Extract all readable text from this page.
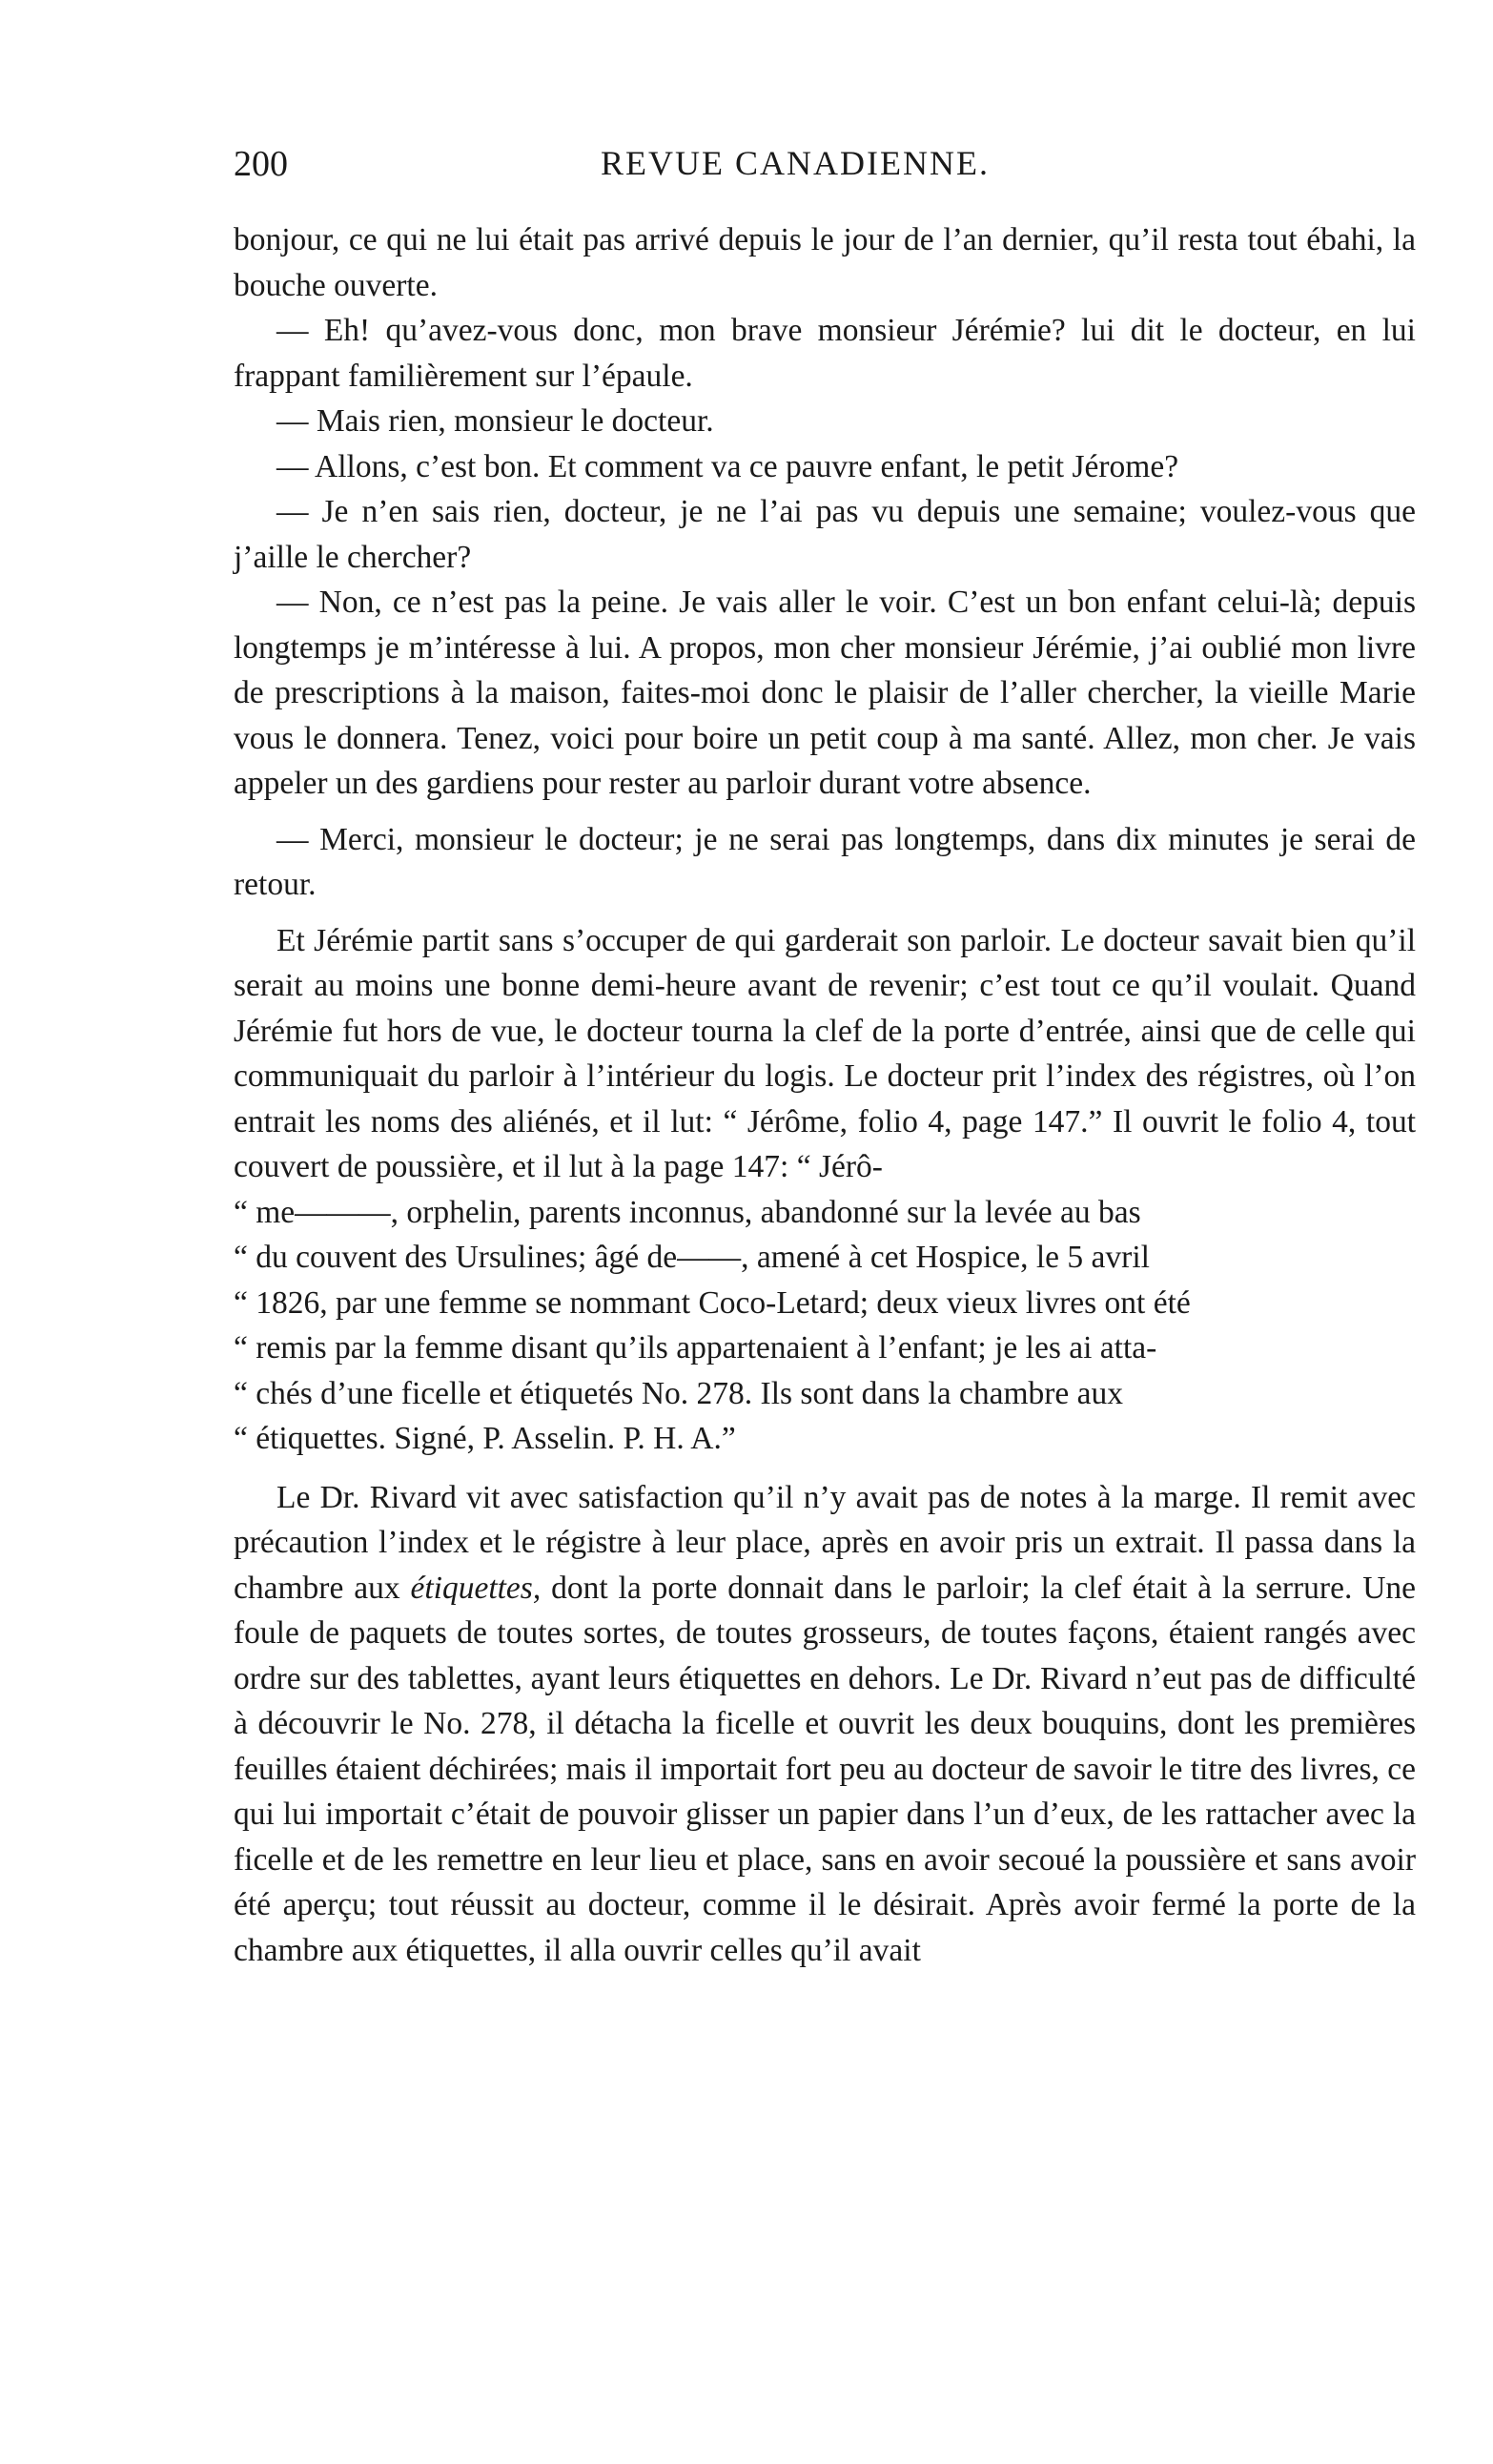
200	REVUE CANADIENNE.

bonjour, ce qui ne lui était pas arrivé depuis le jour de l’an dernier, qu’il resta tout ébahi, la bouche ouverte.

— Eh! qu’avez-vous donc, mon brave monsieur Jérémie? lui dit le docteur, en lui frappant familièrement sur l’épaule.

— Mais rien, monsieur le docteur.

— Allons, c’est bon. Et comment va ce pauvre enfant, le petit Jérome?

— Je n’en sais rien, docteur, je ne l’ai pas vu depuis une semaine; voulez-vous que j’aille le chercher?

— Non, ce n’est pas la peine. Je vais aller le voir. C’est un bon enfant celui-là; depuis longtemps je m’intéresse à lui. A propos, mon cher monsieur Jérémie, j’ai oublié mon livre de prescriptions à la maison, faites-moi donc le plaisir de l’aller chercher, la vieille Marie vous le donnera. Tenez, voici pour boire un petit coup à ma santé. Allez, mon cher. Je vais appeler un des gardiens pour rester au parloir durant votre absence.

— Merci, monsieur le docteur; je ne serai pas longtemps, dans dix minutes je serai de retour.

Et Jérémie partit sans s’occuper de qui garderait son parloir. Le docteur savait bien qu’il serait au moins une bonne demi-heure avant de revenir; c’est tout ce qu’il voulait. Quand Jérémie fut hors de vue, le docteur tourna la clef de la porte d’entrée, ainsi que de celle qui communiquait du parloir à l’intérieur du logis. Le docteur prit l’index des régistres, où l’on entrait les noms des aliénés, et il lut: “ Jérôme, folio 4, page 147.” Il ouvrit le folio 4, tout couvert de poussière, et il lut à la page 147: “ Jérô-

“ me———, orphelin, parents inconnus, abandonné sur la levée au bas

“ du couvent des Ursulines; âgé de——, amené à cet Hospice, le 5 avril

“ 1826, par une femme se nommant Coco-Letard; deux vieux livres ont été

“ remis par la femme disant qu’ils appartenaient à l’enfant; je les ai atta-

“ chés d’une ficelle et étiquetés No. 278. Ils sont dans la chambre aux

“ étiquettes. Signé, P. Asselin. P. H. A.”

Le Dr. Rivard vit avec satisfaction qu’il n’y avait pas de notes à la marge. Il remit avec précaution l’index et le régistre à leur place, après en avoir pris un extrait. Il passa dans la chambre aux étiquettes, dont la porte donnait dans le parloir; la clef était à la serrure. Une foule de paquets de toutes sortes, de toutes grosseurs, de toutes façons, étaient rangés avec ordre sur des tablettes, ayant leurs étiquettes en dehors. Le Dr. Rivard n’eut pas de difficulté à découvrir le No. 278, il détacha la ficelle et ouvrit les deux bouquins, dont les premières feuilles étaient déchirées; mais il importait fort peu au docteur de savoir le titre des livres, ce qui lui importait c’était de pouvoir glisser un papier dans l’un d’eux, de les rattacher avec la ficelle et de les remettre en leur lieu et place, sans en avoir secoué la poussière et sans avoir été aperçu; tout réussit au docteur, comme il le désirait. Après avoir fermé la porte de la chambre aux étiquettes, il alla ouvrir celles qu’il avait
